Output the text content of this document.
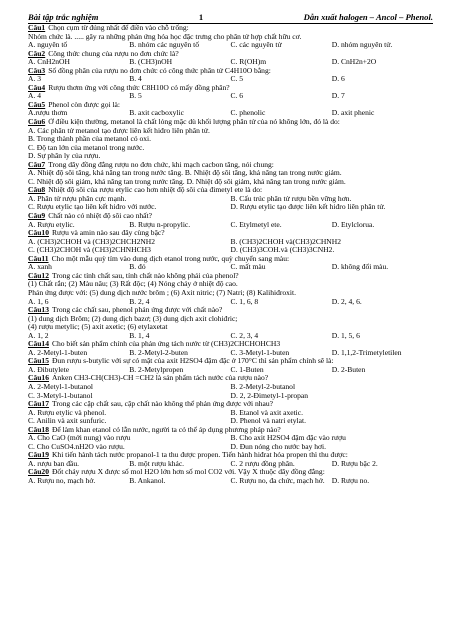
Bài tập trắc nghiệm	1	Dẫn xuất halogen – Ancol – Phenol.
Câu1 Chọn cụm từ đúng nhất để điền vào chỗ trống:
Nhóm chức là. ..... gây ra những phản ứng hóa học đặc trưng cho phân tử hợp chất hữu cơ.
A. nguyên tố	B. nhóm các nguyên tố	C. các nguyên tử	D. nhóm nguyên tử.
Câu2 Công thức chung của rượu no đơn chức là?
A. CnH2nOH	B. (CH3)nOH	C. R(OH)m	D. CnH2n+2O
Câu3 Số đồng phân của rượu no đơn chức có công thức phân tử C4H10O bằng:
A. 3	B. 4	C. 5	D. 6
Câu4 Rượu thơm ứng với công thức C8H10O có mấy đồng phân?
A. 4	B. 5	C. 6	D. 7
Câu5 Phenol còn được gọi là:
A.rượu thơm	B. axit cacboxylic	C. phenolic	D. axit phenic
Câu6 Ở điều kiện thường, metanol là chất lỏng mặc dù khối lượng phân tử của nó không lớn, đó là do:
A. Các phân tử metanol tạo được liên kết hiđro liên phân tử.
B. Trong thành phần của metanol có oxi.
C. Độ tan lớn của metanol trong nước.
D. Sự phân ly của rượu.
Câu7 Trong dãy đồng đẳng rượu no đơn chức, khi mạch cacbon tăng, nói chung:
A. Nhiệt độ sôi tăng, khả năng tan trong nước tăng. B. Nhiệt độ sôi tăng, khả năng tan trong nước giảm.
C. Nhiệt độ sôi giảm, khả năng tan trong nước tăng. D. Nhiệt độ sôi giảm, khả năng tan trong nước giảm.
Câu8 Nhiệt độ sôi của rượu etylic cao hơn nhiệt độ sôi của đimetyl ete là do:
A. Phân tử rượu phân cực mạnh.	B. Cấu trúc phân tử rượu bền vững hơn.
C. Rượu etylic tạo liên kết hiđro với nước.	D. Rượu etylic tạo được liên kết hiđro liên phân tử.
Câu9 Chất nào có nhiệt độ sôi cao nhất?
A. Rượu etylic.	B. Rượu n-propylic.	C. Etylmetyl ete.	D. Etylclorua.
Câu10 Rượu và amin nào sau đây cùng bậc?
A. (CH3)2CHOH và (CH3)2CHCH2NH2	B. (CH3)2CHOH và(CH3)2CHNH2
C. (CH3)2CHOH và (CH3)2CHNHCH3	D. (CH3)3COH.và (CH3)3CNH2.
Câu11 Cho một mẫu quỳ tím vào dung dịch etanol trong nước, quỳ chuyển sang màu:
A. xanh	B. đỏ	C. mất màu	D. không đổi màu.
Câu12 Trong các tính chất sau, tính chất nào không phải của phenol?
(1) Chất rắn; (2) Màu nâu; (3) Rất độc; (4) Nóng chảy ở nhiệt độ cao.
Phản ứng được với: (5) dung dịch nước brôm ; (6) Axit nitric; (7) Natri; (8) Kalihiđroxit.
A. 1, 6	B. 2, 4	C. 1, 6, 8	D. 2, 4, 6.
Câu13 Trong các chất sau, phenol phản ứng được với chất nào?
(1) dung dịch Brôm; (2) dung dịch bazơ; (3) dung dịch axit clohiđric;
(4) rượu metylic; (5) axit axetic; (6) etylaxetat
A. 1, 2	B. 1, 4	C. 2, 3, 4	D. 1, 5, 6
Câu14 Cho biết sản phẩm chính của phản ứng tách nước từ (CH3)2CHCHOHCH3
A. 2-Metyl-1-buten	B. 2-Metyl-2-buten	C. 3-Metyl-1-buten	D. 1,1,2-Trimetyletilen
Câu15 Đun rượu s-butylic với sự có mặt của axit H2SO4 đậm đặc ở 170°C thì sản phẩm chính sẽ là:
A. Đibutylete	B. 2-Metylpropen	C. 1-Buten	D. 2-Buten
Câu16 Anken CH3-CH(CH3)-CH =CH2 là sản phẩm tách nước của rượu nào?
A. 2-Metyl-1-butanol	B. 2-Metyl-2-butanol
C. 3-Metyl-1-butanol	D. 2, 2-Đimetyl-1-propan
Câu17 Trong các cặp chất sau, cặp chất nào không thể phản ứng được với nhau?
A. Rượu etylic và phenol.	B. Etanol và axit axetic.
C. Anilin và axit sunfuric.	D. Phenol và natri etylat.
Câu18 Để làm khan etanol có lẫn nước, người ta có thể áp dụng phương pháp nào?
A. Cho CaO (mới nung) vào rượu	B. Cho axit H2SO4 đậm đặc vào rượu
C. Cho CuSO4.nH2O vào rượu.	D. Đun nóng cho nước bay hơi.
Câu19 Khi tiến hành tách nước propanol-1 ta thu được propen. Tiến hành hiđrat hóa propen thì thu được:
A. rượu ban đầu.	B. một rượu khác.	C. 2 rượu đồng phân.	D. Rượu bậc 2.
Câu20 Đốt cháy rượu X được số mol H2O lớn hơn số mol CO2 với. Vậy X thuộc dãy đồng đẳng:
A. Rượu no, mạch hở.	B. Ankanol.	C. Rượu no, đa chức, mạch hở. D. Rượu no.
